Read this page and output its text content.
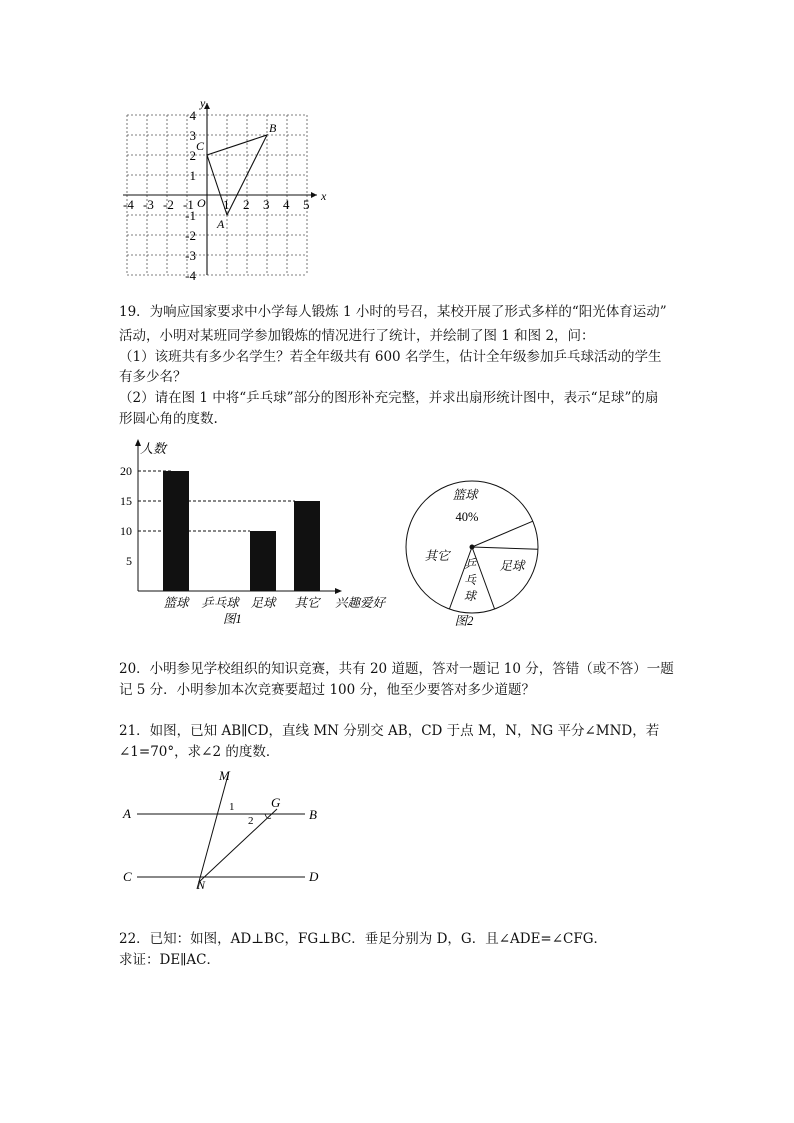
-4 -3 -2 -1 1 2 3 4 5
4
3
2
1
-1
-2
-3
-4
O	x
y
A
B
C

19．为响应国家要求中小学每人锻炼 1 小时的号召，某校开展了形式多样的“阳光体育运动”

活动，小明对某班同学参加锻炼的情况进行了统计，并绘制了图 1 和图 2，问：

（1）该班共有多少名学生？若全年级共有 600 名学生，估计全年级参加乒乓球活动的学生

有多少名？

（2）请在图 1 中将“乒乓球”部分的图形补充完整，并求出扇形统计图中，表示“足球”的扇

形圆心角的度数.

5
10
15
20
人数
篮球 乒乓球 足球 其它 兴趣爱好
图1
篮球
40%
足球
乒乓球
其它
图2

20．小明参见学校组织的知识竞赛，共有 20 道题，答对一题记 10 分，答错（或不答）一题

记 5 分．小明参加本次竞赛要超过 100 分，他至少要答对多少道题？

21．如图，已知 AB∥CD，直线 MN 分别交 AB，CD 于点 M，N，NG 平分∠MND，若

∠1=70°，求∠2 的度数．

A	B
C	D
M
N
G
1
2

22．已知：如图，AD⊥BC，FG⊥BC．垂足分别为 D，G．且∠ADE=∠CFG．

求证：DE∥AC．
